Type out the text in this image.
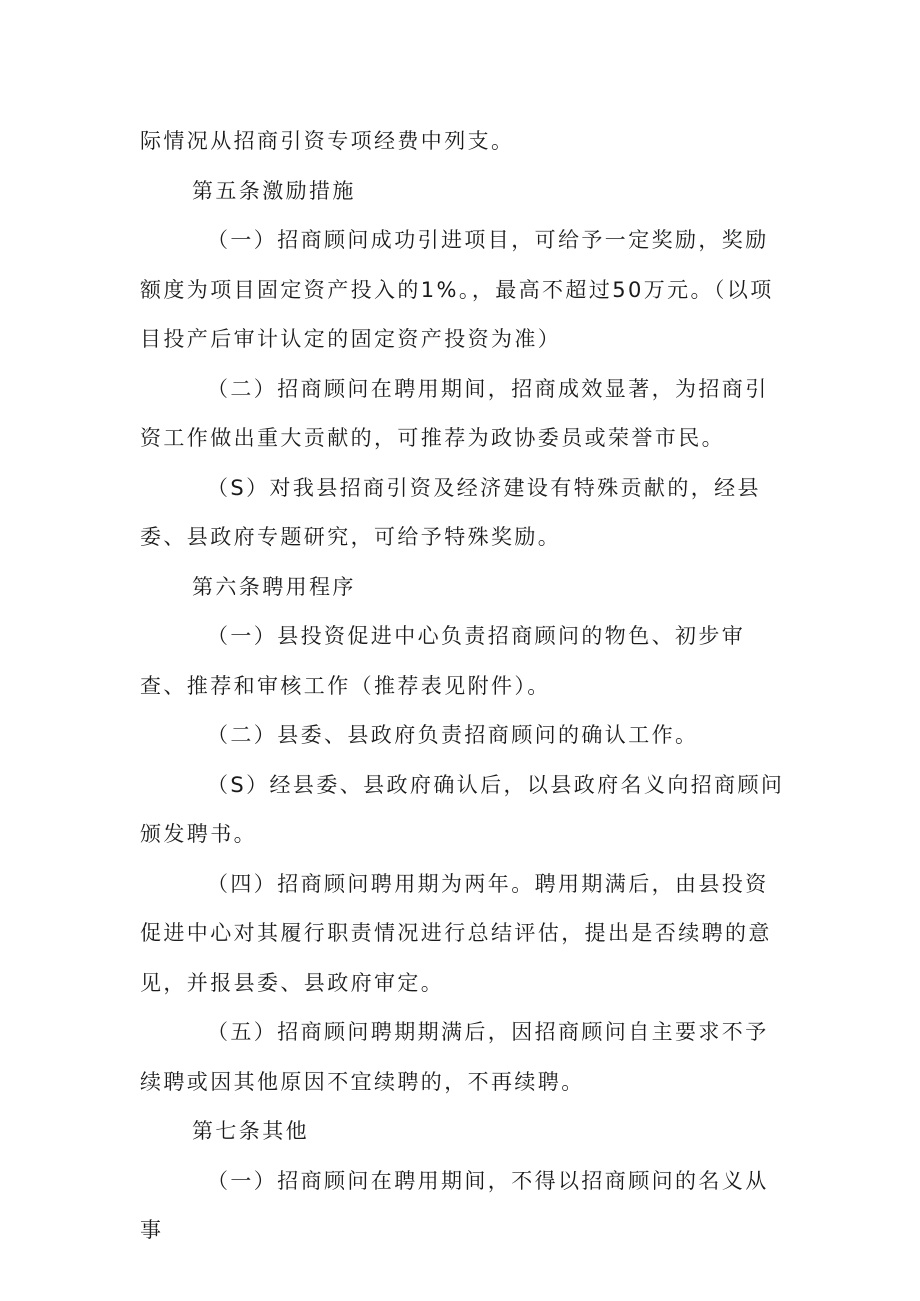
际情况从招商引资专项经费中列支。

第五条激励措施

（一）招商顾问成功引进项目，可给予一定奖励，奖励额度为项目固定资产投入的1%。，最高不超过50万元。（以项目投产后审计认定的固定资产投资为准）

（二）招商顾问在聘用期间，招商成效显著，为招商引资工作做出重大贡献的，可推荐为政协委员或荣誉市民。

（S）对我县招商引资及经济建设有特殊贡献的，经县委、县政府专题研究，可给予特殊奖励。

第六条聘用程序

（一）县投资促进中心负责招商顾问的物色、初步审查、推荐和审核工作（推荐表见附件）。

（二）县委、县政府负责招商顾问的确认工作。

（S）经县委、县政府确认后，以县政府名义向招商顾问颁发聘书。

（四）招商顾问聘用期为两年。聘用期满后，由县投资促进中心对其履行职责情况进行总结评估，提出是否续聘的意见，并报县委、县政府审定。

（五）招商顾问聘期期满后，因招商顾问自主要求不予续聘或因其他原因不宜续聘的，不再续聘。

第七条其他

（一）招商顾问在聘用期间，不得以招商顾问的名义从事
